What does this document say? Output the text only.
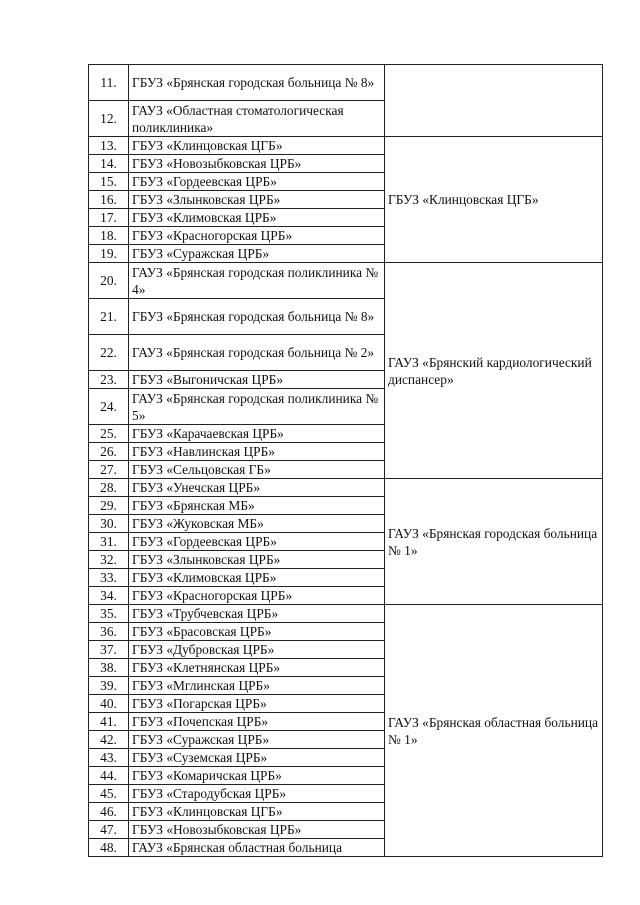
11.	ГБУЗ «Брянская городская больница № 8»	
12.	ГАУЗ «Областная стоматологическая поликлиника»	
13.	ГБУЗ «Клинцовская ЦГБ»	ГБУЗ «Клинцовская ЦГБ»
14.	ГБУЗ «Новозыбковская ЦРБ»	
15.	ГБУЗ «Гордеевская ЦРБ»	
16.	ГБУЗ «Злынковская ЦРБ»	
17.	ГБУЗ «Климовская ЦРБ»	
18.	ГБУЗ «Красногорская ЦРБ»	
19.	ГБУЗ «Суражская ЦРБ»	
20.	ГАУЗ «Брянская городская поликлиника № 4»	ГАУЗ «Брянский кардиологический диспансер»
21.	ГБУЗ «Брянская городская больница № 8»	
22.	ГАУЗ «Брянская городская больница № 2»	
23.	ГБУЗ «Выгоничская ЦРБ»	
24.	ГАУЗ «Брянская городская поликлиника № 5»	
25.	ГБУЗ «Карачаевская ЦРБ»	
26.	ГБУЗ «Навлинская ЦРБ»	
27.	ГБУЗ «Сельцовская ГБ»	
28.	ГБУЗ «Унечская ЦРБ»	ГАУЗ «Брянская городская больница № 1»
29.	ГБУЗ «Брянская МБ»	
30.	ГБУЗ «Жуковская МБ»	
31.	ГБУЗ «Гордеевская ЦРБ»	
32.	ГБУЗ «Злынковская ЦРБ»	
33.	ГБУЗ «Климовская ЦРБ»	
34.	ГБУЗ «Красногорская ЦРБ»	
35.	ГБУЗ «Трубчевская ЦРБ»	ГАУЗ «Брянская областная больница № 1»
36.	ГБУЗ «Брасовская ЦРБ»	
37.	ГБУЗ «Дубровская ЦРБ»	
38.	ГБУЗ «Клетнянская ЦРБ»	
39.	ГБУЗ «Мглинская ЦРБ»	
40.	ГБУЗ «Погарская ЦРБ»	
41.	ГБУЗ «Почепская ЦРБ»	
42.	ГБУЗ «Суражская ЦРБ»	
43.	ГБУЗ «Суземская ЦРБ»	
44.	ГБУЗ «Комаричская ЦРБ»	
45.	ГБУЗ «Стародубская ЦРБ»	
46.	ГБУЗ «Клинцовская ЦГБ»	
47.	ГБУЗ «Новозыбковская ЦРБ»	
48.	ГАУЗ «Брянская областная больница	
